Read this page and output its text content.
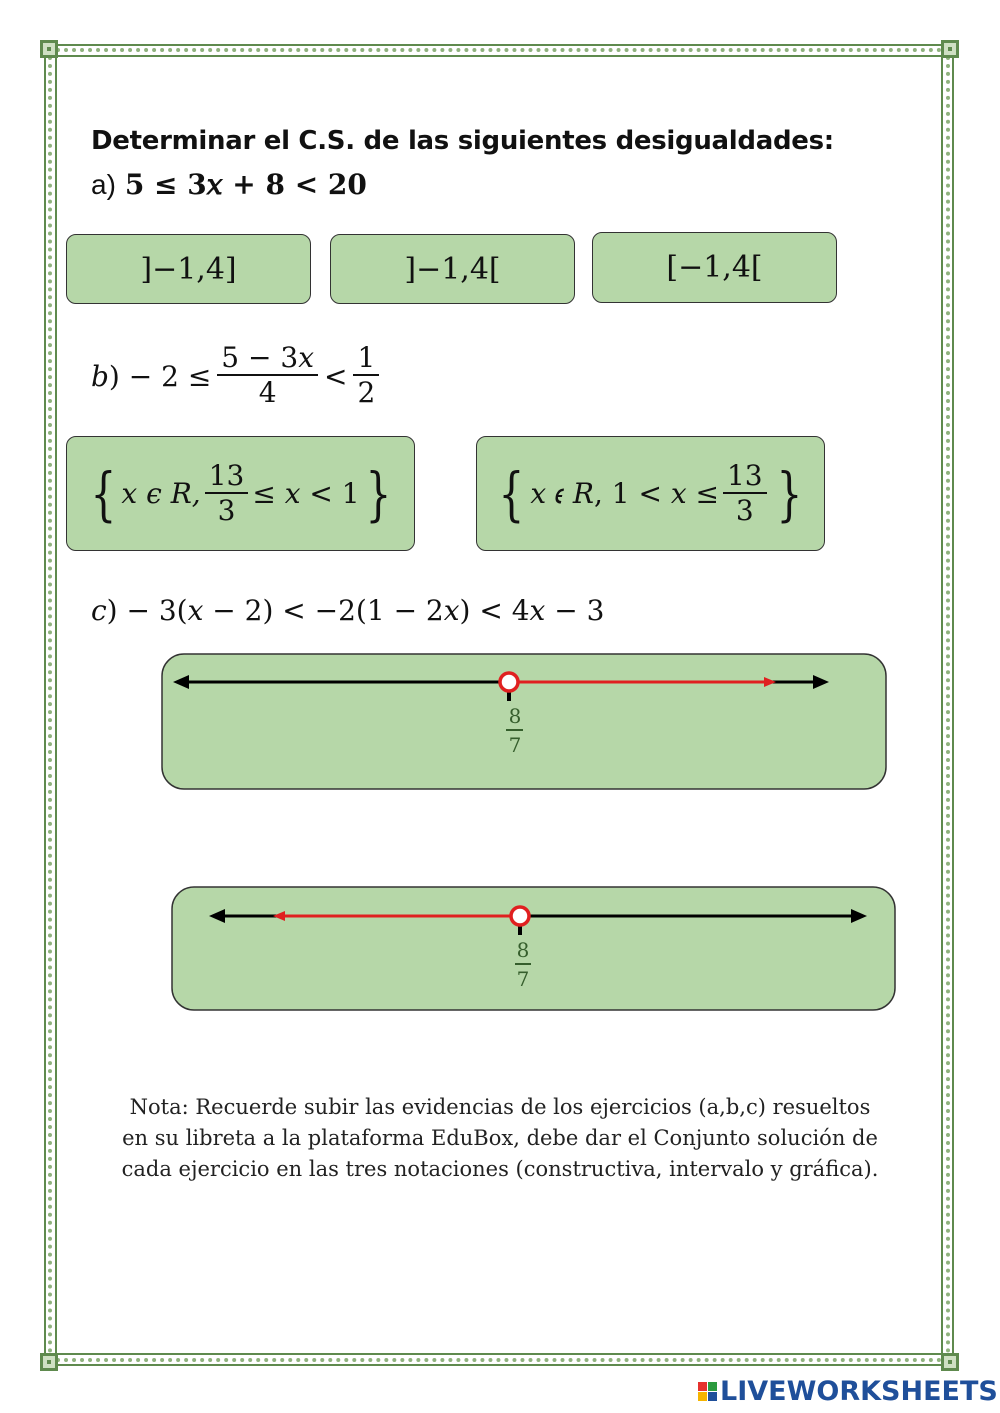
Determinar el C.S. de las siguientes desigualdades:
a) 5 ≤ 3𝑥 + 8 < 20
]−1,4]	]−1,4[	[−1,4[
𝑏) − $2 \le \frac{\text{5 − 3𝑥}}{4} < \frac{1}{2}$
{ 𝑥 𝜖 𝑅, $\frac{13}{3}$ ≤ 𝑥 < 1 } { 𝑥 𝜖 𝑅, 1 < 𝑥 ≤ $\frac{13}{3}$ }
𝑐) − 3(𝑥 − 2) < −2(1 − 2𝑥) < 4𝑥 − 3
8
7
8
7
Nota: Recuerde subir las evidencias de los ejercicios (a,b,c) resueltos
en su libreta a la plataforma EduBox, debe dar el Conjunto solución de
cada ejercicio en las tres notaciones (constructiva, intervalo y gráfica).
LIVEWORKSHEETS
